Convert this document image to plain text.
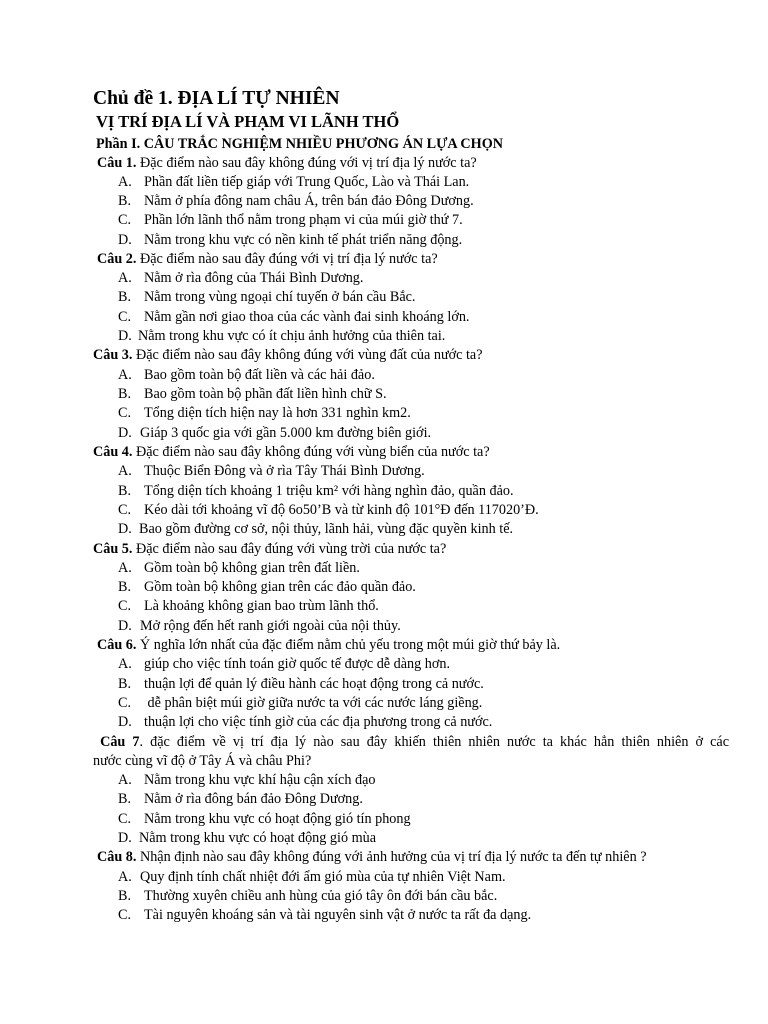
Chủ đề 1. ĐỊA LÍ TỰ NHIÊN
VỊ TRÍ ĐỊA LÍ VÀ PHẠM VI LÃNH THỔ
Phần I. CÂU TRẮC NGHIỆM NHIỀU PHƯƠNG ÁN LỰA CHỌN
Câu 1. Đặc điểm nào sau đây không đúng với vị trí địa lý nước ta?
A. Phần đất liền tiếp giáp với Trung Quốc, Lào và Thái Lan.
B. Nằm ở phía đông nam châu Á, trên bán đảo Đông Dương.
C. Phần lớn lãnh thổ nằm trong phạm vi của múi giờ thứ 7.
D. Nằm trong khu vực có nền kinh tế phát triển năng động.
Câu 2. Đặc điểm nào sau đây đúng với vị trí địa lý nước ta?
A. Nằm ở rìa đông của Thái Bình Dương.
B. Nằm trong vùng ngoại chí tuyến ở bán cầu Bắc.
C. Nằm gần nơi giao thoa của các vành đai sinh khoáng lớn.
D. Nằm trong khu vực có ít chịu ảnh hưởng của thiên tai.
Câu 3. Đặc điểm nào sau đây không đúng với vùng đất của nước ta?
A. Bao gồm toàn bộ đất liền và các hải đảo.
B. Bao gồm toàn bộ phần đất liền hình chữ S.
C. Tổng diện tích hiện nay là hơn 331 nghìn km2.
D. Giáp 3 quốc gia với gần 5.000 km đường biên giới.
Câu 4. Đặc điểm nào sau đây không đúng với vùng biển của nước ta?
A. Thuộc Biển Đông và ở rìa Tây Thái Bình Dương.
B. Tổng diện tích khoảng 1 triệu km² với hàng nghìn đảo, quần đảo.
C. Kéo dài tới khoảng vĩ độ 6o50’B và từ kinh độ 101°Đ đến 117020’Đ.
D. Bao gồm đường cơ sở, nội thủy, lãnh hải, vùng đặc quyền kinh tế.
Câu 5. Đặc điểm nào sau đây đúng với vùng trời của nước ta?
A. Gồm toàn bộ không gian trên đất liền.
B. Gồm toàn bộ không gian trên các đảo quần đảo.
C. Là khoảng không gian bao trùm lãnh thổ.
D. Mở rộng đến hết ranh giới ngoài của nội thủy.
Câu 6. Ý nghĩa lớn nhất của đặc điểm nằm chủ yếu trong một múi giờ thứ bảy là.
A. giúp cho việc tính toán giờ quốc tế được dễ dàng hơn.
B. thuận lợi để quản lý điều hành các hoạt động trong cả nước.
C. dễ phân biệt múi giờ giữa nước ta với các nước láng giềng.
D. thuận lợi cho việc tính giờ của các địa phương trong cả nước.
Câu 7. đặc điểm về vị trí địa lý nào sau đây khiến thiên nhiên nước ta khác hẳn thiên nhiên ở các
nước cùng vĩ độ ở Tây Á và châu Phi?
A. Nằm trong khu vực khí hậu cận xích đạo
B. Nằm ở rìa đông bán đảo Đông Dương.
C. Nằm trong khu vực có hoạt động gió tín phong
D. Nằm trong khu vực có hoạt động gió mùa
Câu 8. Nhận định nào sau đây không đúng với ảnh hưởng của vị trí địa lý nước ta đến tự nhiên ?
A. Quy định tính chất nhiệt đới ẩm gió mùa của tự nhiên Việt Nam.
B. Thường xuyên chiều anh hùng của gió tây ôn đới bán cầu bắc.
C. Tài nguyên khoáng sản và tài nguyên sinh vật ở nước ta rất đa dạng.
